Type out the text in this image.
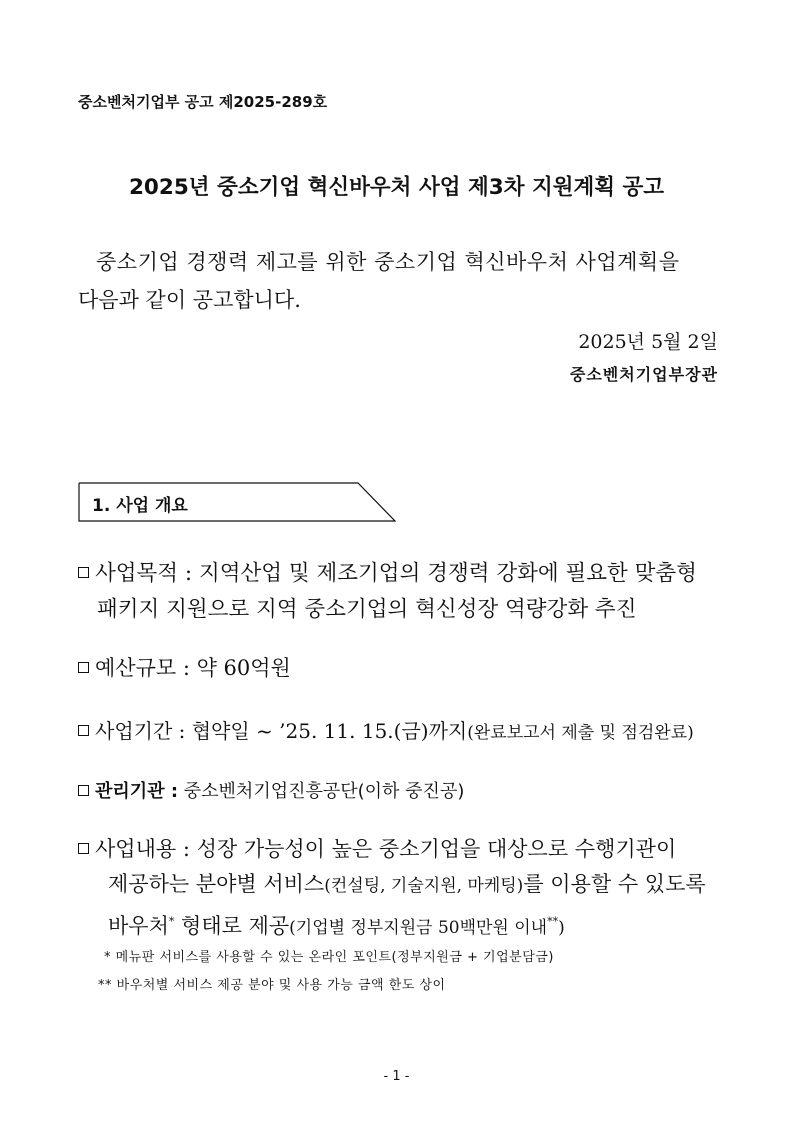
중소벤처기업부 공고 제2025-289호
2025년 중소기업 혁신바우처 사업 제3차 지원계획 공고
중소기업 경쟁력 제고를 위한 중소기업 혁신바우처 사업계획을
다음과 같이 공고합니다.
2025년 5월 2일
중소벤처기업부장관
1. 사업 개요
사업목적 : 지역산업 및 제조기업의 경쟁력 강화에 필요한 맞춤형
패키지 지원으로 지역 중소기업의 혁신성장 역량강화 추진
예산규모 : 약 60억원
사업기간 : 협약일 ~ ’25. 11. 15.(금)까지(완료보고서 제출 및 점검완료)
관리기관 : 중소벤처기업진흥공단(이하 중진공)
사업내용 : 성장 가능성이 높은 중소기업을 대상으로 수행기관이
제공하는 분야별 서비스(컨설팅, 기술지원, 마케팅)를 이용할 수 있도록
바우처* 형태로 제공(기업별 정부지원금 50백만원 이내**)
* 메뉴판 서비스를 사용할 수 있는 온라인 포인트(정부지원금 + 기업분담금)
** 바우처별 서비스 제공 분야 및 사용 가능 금액 한도 상이
- 1 -
